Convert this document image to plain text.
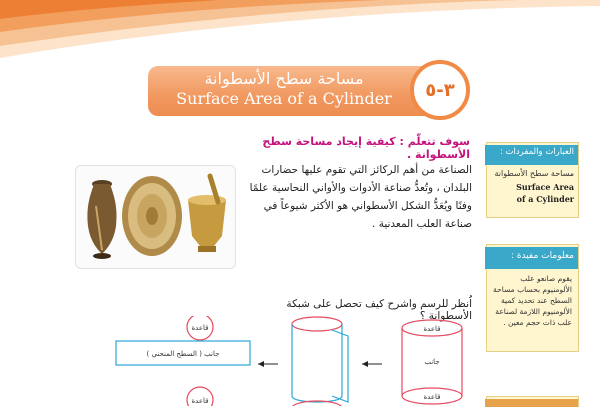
مساحة سطح الأسطوانة
Surface Area of a Cylinder	٣-٥
سوف تتعلّم : كيفية إيجاد مساحة سطح الأسطوانة .
الصناعة من أهم الركائز التي تقوم عليها حضارات البلدان ، وتُعدُّ صناعة الأدوات والأواني النحاسية علمًا وفنًا ويُعَدُّ الشكل الأسطواني هو الأكثر شيوعاً في صناعة العلب المعدنية .
اُنظر للرسم واشرح كيف تحصل على شبكة الأسطوانة ؟
قاعدة
جانب ( السطح المنحني )
قاعدة
قاعدة
جانب
قاعدة
العبارات والمفردات :
مساحة سطح الأسطوانة
Surface Area
of a Cylinder
معلومات مفيدة :
يقوم صانعو علب الألومنيوم بحساب مساحة السطح عند تحديد كمية الألومنيوم اللازمة لصناعة علب ذات حجم معين .
